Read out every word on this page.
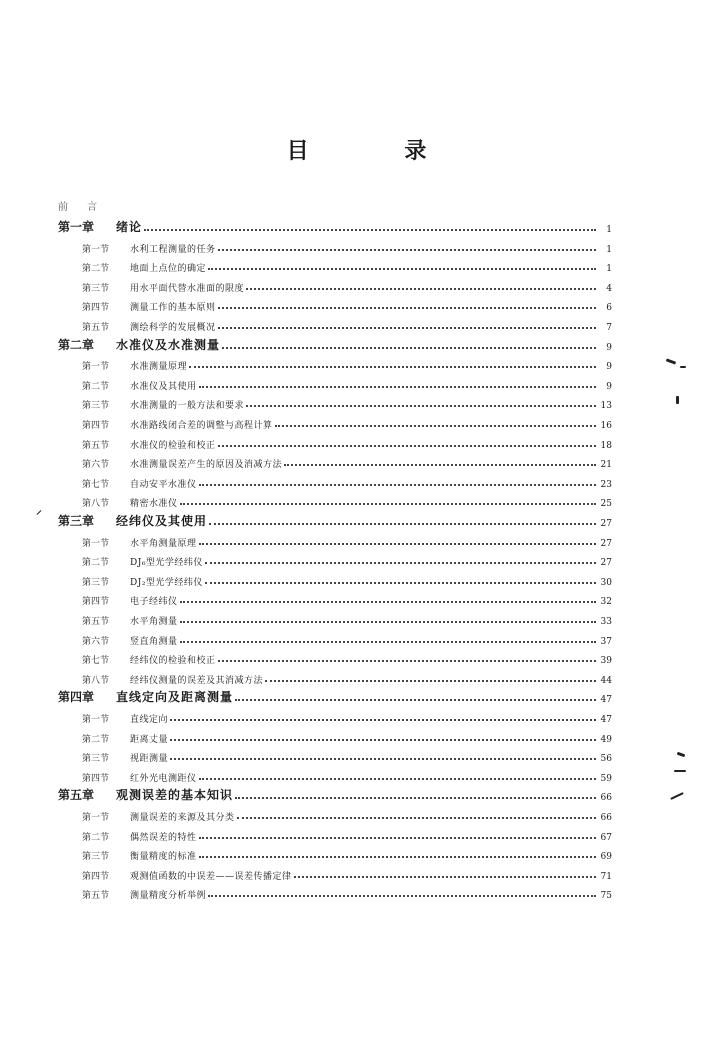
目 录
前 言
第一章	绪论	1
第一节	水利工程测量的任务	1
第二节	地面上点位的确定	1
第三节	用水平面代替水准面的限度	4
第四节	测量工作的基本原则	6
第五节	测绘科学的发展概况	7
第二章	水准仪及水准测量	9
第一节	水准测量原理	9
第二节	水准仪及其使用	9
第三节	水准测量的一般方法和要求	13
第四节	水准路线闭合差的调整与高程计算	16
第五节	水准仪的检验和校正	18
第六节	水准测量误差产生的原因及消减方法	21
第七节	自动安平水准仪	23
第八节	精密水准仪	25
第三章	经纬仪及其使用	27
第一节	水平角测量原理	27
第二节	DJ₆型光学经纬仪	27
第三节	DJ₂型光学经纬仪	30
第四节	电子经纬仪	32
第五节	水平角测量	33
第六节	竖直角测量	37
第七节	经纬仪的检验和校正	39
第八节	经纬仪测量的误差及其消减方法	44
第四章	直线定向及距离测量	47
第一节	直线定向	47
第二节	距离丈量	49
第三节	视距测量	56
第四节	红外光电测距仪	59
第五章	观测误差的基本知识	66
第一节	测量误差的来源及其分类	66
第二节	偶然误差的特性	67
第三节	衡量精度的标准	69
第四节	观测值函数的中误差——误差传播定律	71
第五节	测量精度分析举例	75
